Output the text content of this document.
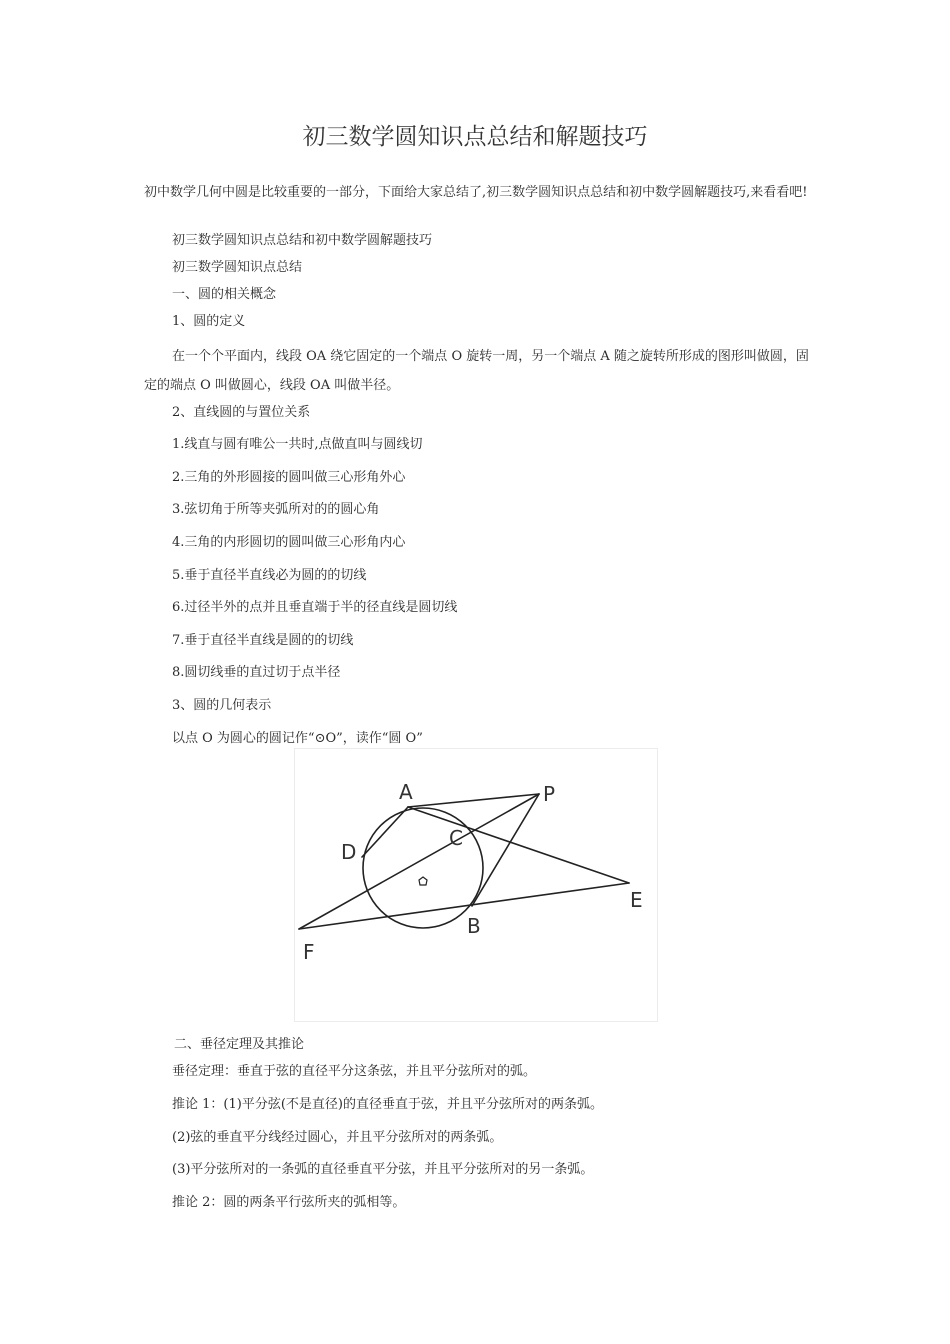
初三数学圆知识点总结和解题技巧
初中数学几何中圆是比较重要的一部分，下面给大家总结了,初三数学圆知识点总结和初中数学圆解题技巧,来看看吧!
初三数学圆知识点总结和初中数学圆解题技巧
初三数学圆知识点总结
一、圆的相关概念
1、圆的定义
在一个个平面内，线段 OA 绕它固定的一个端点 O 旋转一周，另一个端点 A 随之旋转所形成的图形叫做圆，固定的端点 O 叫做圆心，线段 OA 叫做半径。
2、直线圆的与置位关系
1.线直与圆有唯公一共时,点做直叫与圆线切
2.三角的外形圆接的圆叫做三心形角外心
3.弦切角于所等夹弧所对的的圆心角
4.三角的内形圆切的圆叫做三心形角内心
5.垂于直径半直线必为圆的的切线
6.过径半外的点并且垂直端于半的径直线是圆切线
7.垂于直径半直线是圆的的切线
8.圆切线垂的直过切于点半径
3、圆的几何表示
以点 O 为圆心的圆记作“⊙O”，读作“圆 O”
A	P
D
C
E
B
F
二、垂径定理及其推论
垂径定理：垂直于弦的直径平分这条弦，并且平分弦所对的弧。
推论 1：(1)平分弦(不是直径)的直径垂直于弦，并且平分弦所对的两条弧。
(2)弦的垂直平分线经过圆心，并且平分弦所对的两条弧。
(3)平分弦所对的一条弧的直径垂直平分弦，并且平分弦所对的另一条弧。
推论 2：圆的两条平行弦所夹的弧相等。
